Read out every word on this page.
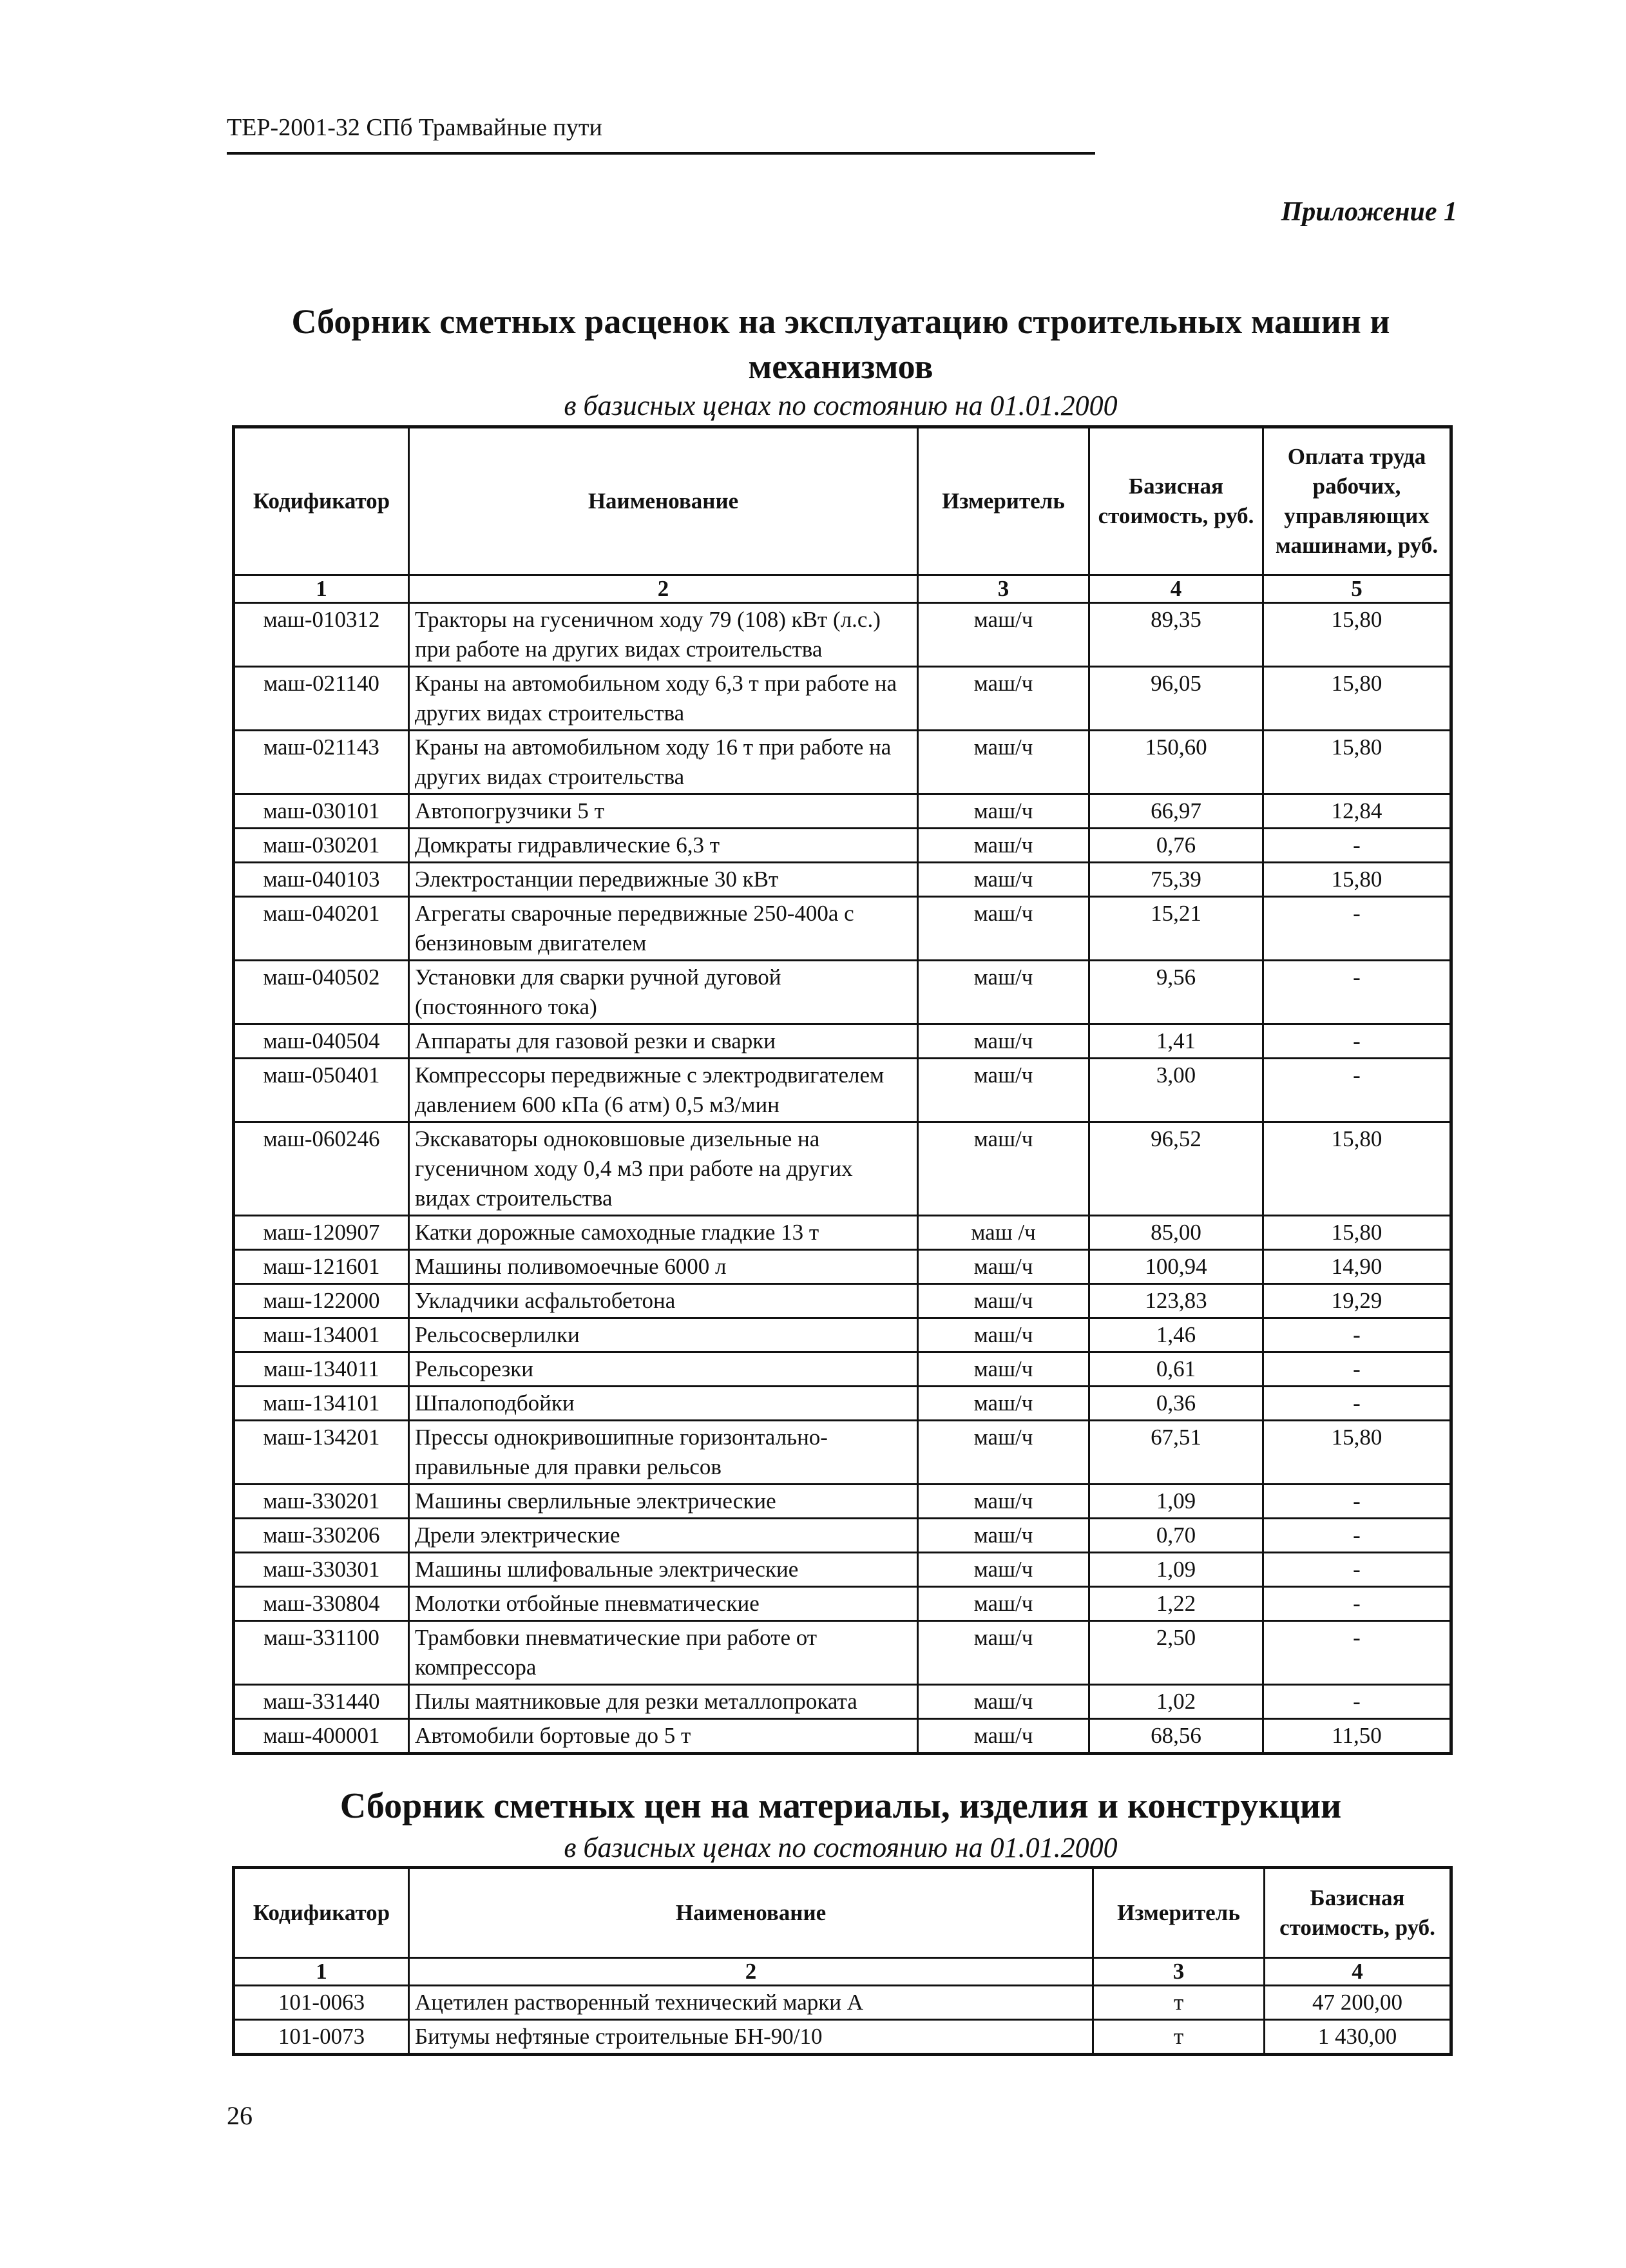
ТЕР-2001-32 СПб Трамвайные пути
Приложение 1
Сборник сметных расценок на эксплуатацию строительных машин и
механизмов
в базисных ценах по состоянию на 01.01.2000
Кодификатор	Наименование	Измеритель	Базисная стоимость, руб.	Оплата труда рабочих, управляющих машинами, руб.
1	2	3	4	5
маш-010312	Тракторы на гусеничном ходу 79 (108) кВт (л.с.) при работе на других видах строительства	маш/ч	89,35	15,80
маш-021140	Краны на автомобильном ходу 6,3 т при работе на других видах строительства	маш/ч	96,05	15,80
маш-021143	Краны на автомобильном ходу 16 т при работе на других видах строительства	маш/ч	150,60	15,80
маш-030101	Автопогрузчики 5 т	маш/ч	66,97	12,84
маш-030201	Домкраты гидравлические 6,3 т	маш/ч	0,76	-
маш-040103	Электростанции передвижные 30 кВт	маш/ч	75,39	15,80
маш-040201	Агрегаты сварочные передвижные 250-400а с бензиновым двигателем	маш/ч	15,21	-
маш-040502	Установки для сварки ручной дуговой (постоянного тока)	маш/ч	9,56	-
маш-040504	Аппараты для газовой резки и сварки	маш/ч	1,41	-
маш-050401	Компрессоры передвижные с электродвигателем давлением 600 кПа (6 атм) 0,5 м3/мин	маш/ч	3,00	-
маш-060246	Экскаваторы одноковшовые дизельные на гусеничном ходу 0,4 м3 при работе на других видах строительства	маш/ч	96,52	15,80
маш-120907	Катки дорожные самоходные гладкие 13 т	маш /ч	85,00	15,80
маш-121601	Машины поливомоечные 6000 л	маш/ч	100,94	14,90
маш-122000	Укладчики асфальтобетона	маш/ч	123,83	19,29
маш-134001	Рельсосверлилки	маш/ч	1,46	-
маш-134011	Рельсорезки	маш/ч	0,61	-
маш-134101	Шпалоподбойки	маш/ч	0,36	-
маш-134201	Прессы однокривошипные горизонтально-правильные для правки рельсов	маш/ч	67,51	15,80
маш-330201	Машины сверлильные электрические	маш/ч	1,09	-
маш-330206	Дрели электрические	маш/ч	0,70	-
маш-330301	Машины шлифовальные электрические	маш/ч	1,09	-
маш-330804	Молотки отбойные пневматические	маш/ч	1,22	-
маш-331100	Трамбовки пневматические при работе от компрессора	маш/ч	2,50	-
маш-331440	Пилы маятниковые для резки металлопроката	маш/ч	1,02	-
маш-400001	Автомобили бортовые до 5 т	маш/ч	68,56	11,50
Сборник сметных цен на материалы, изделия и конструкции
в базисных ценах по состоянию на 01.01.2000
Кодификатор	Наименование	Измеритель	Базисная стоимость, руб.
1	2	3	4
101-0063	Ацетилен растворенный технический марки А	т	47 200,00
101-0073	Битумы нефтяные строительные БН-90/10	т	1 430,00
26
